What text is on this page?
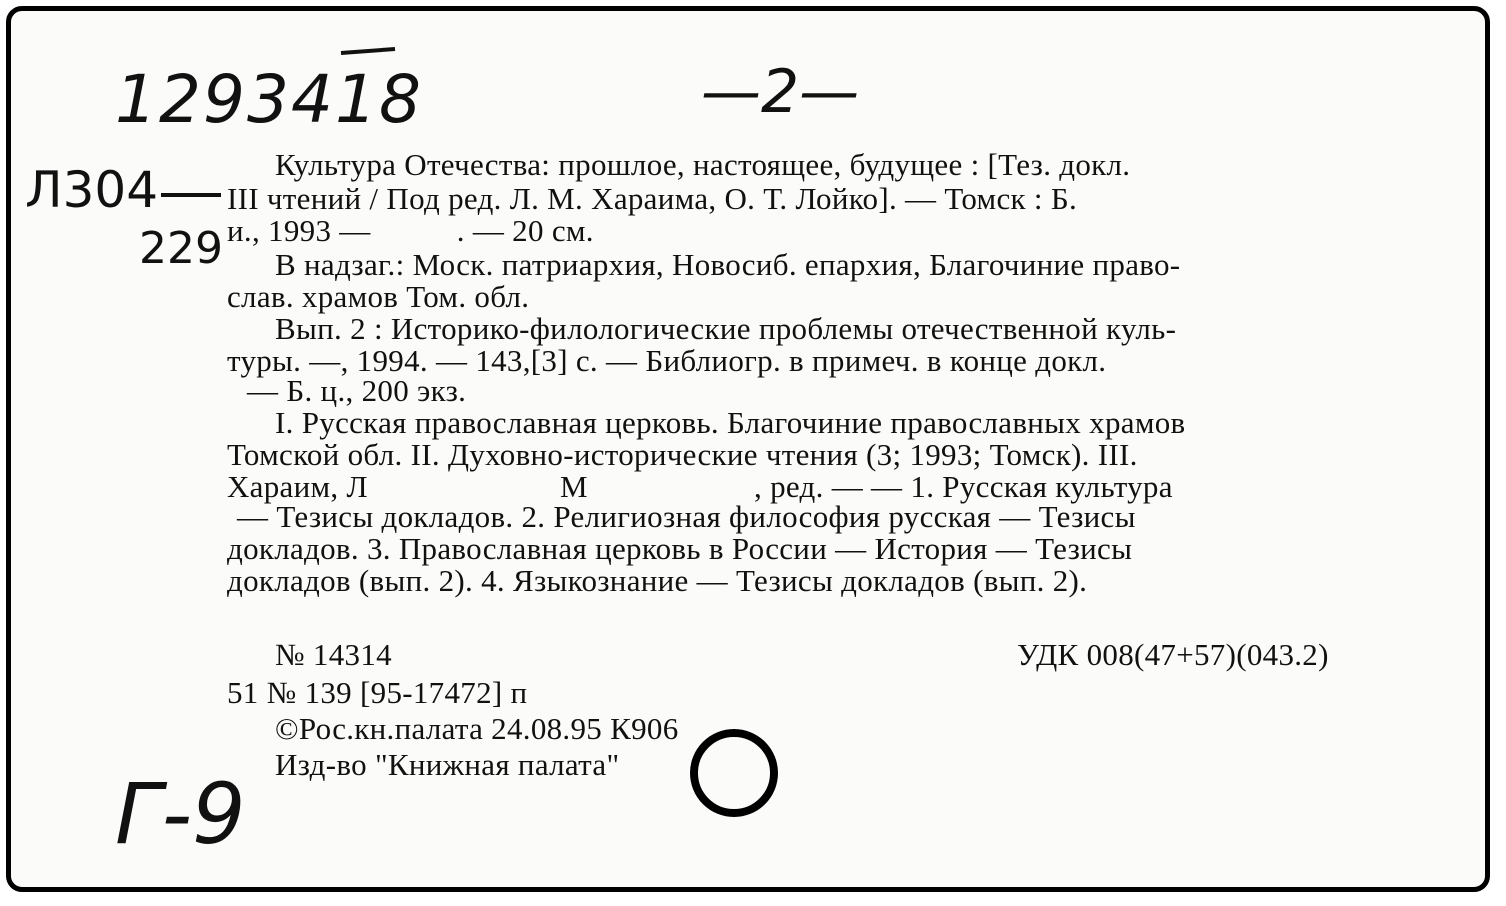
1293418	—2—
Л304
229
Г-9
Культура Отечества: прошлое, настоящее, будущее : [Тез. докл.
III чтений / Под ред. Л. М. Хараима, О. Т. Лойко]. — Томск : Б.
и., 1993 —	. — 20 см.
В надзаг.: Моск. патриархия, Новосиб. епархия, Благочиние право-
слав. храмов Том. обл.
Вып. 2 : Историко-филологические проблемы отечественной куль-
туры. —, 1994. — 143,[3] с. — Библиогр. в примеч. в конце докл.
— Б. ц., 200 экз.
I. Русская православная церковь. Благочиние православных храмов
Томской обл. II. Духовно-исторические чтения (3; 1993; Томск). III.
Хараим, Л	М	, ред. — — 1. Русская культура
— Тезисы докладов. 2. Религиозная философия русская — Тезисы
докладов. 3. Православная церковь в России — История — Тезисы
докладов (вып. 2). 4. Языкознание — Тезисы докладов (вып. 2).
№ 14314	УДК 008(47+57)(043.2)
51 № 139 [95-17472] п
©Рос.кн.палата 24.08.95 К906
Изд-во "Книжная палата"
